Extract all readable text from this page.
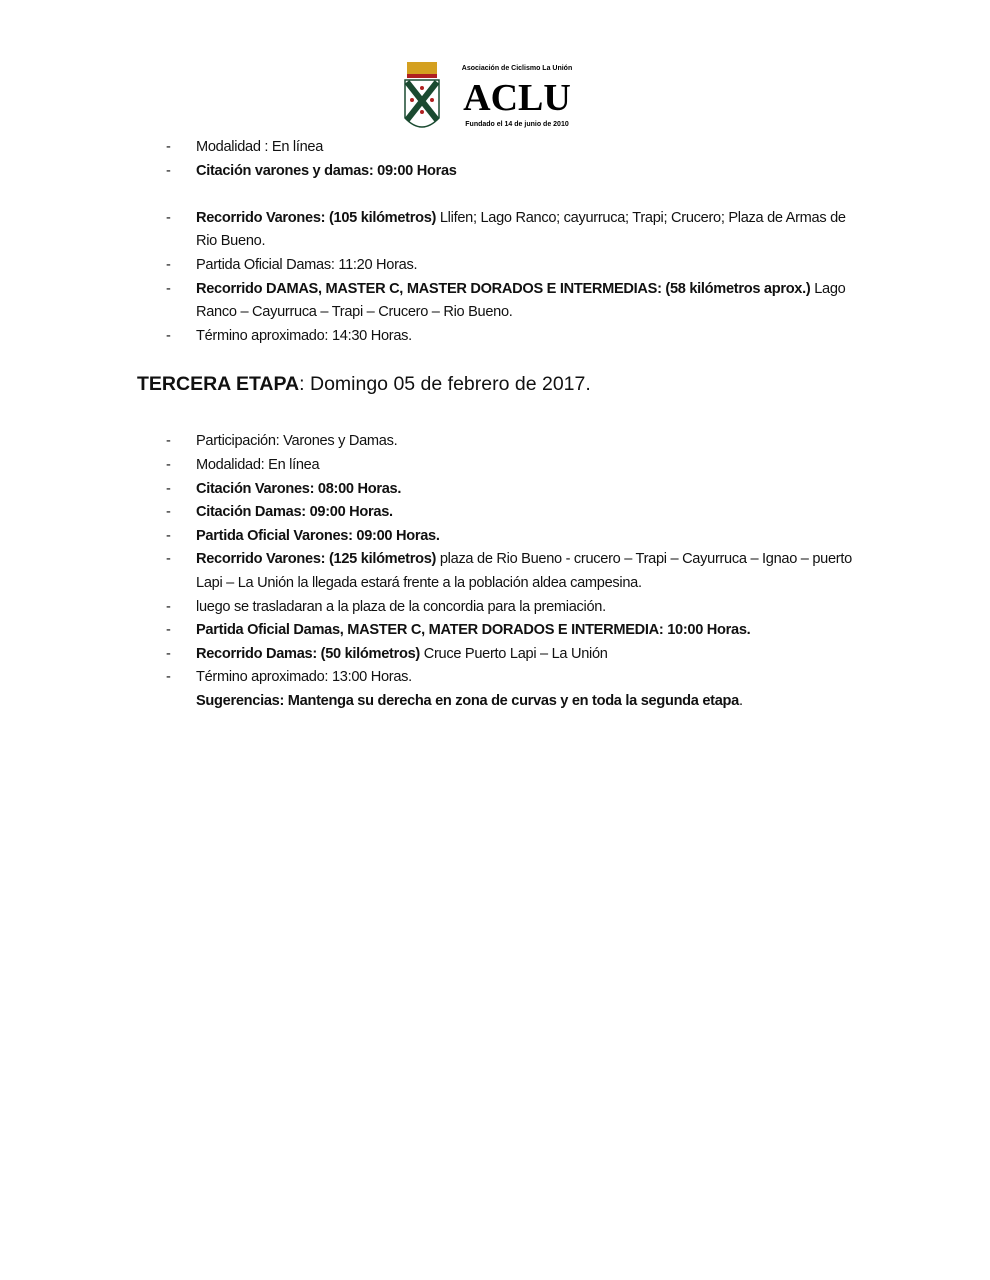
Asociación de Ciclismo La Unión
ACLU
Fundado el 14 de junio de 2010
- Modalidad : En línea
- Citación varones y damas: 09:00 Horas
- Recorrido Varones: (105 kilómetros) Llifen; Lago Ranco; cayurruca; Trapi; Crucero; Plaza de Armas de Rio Bueno.
- Partida Oficial Damas: 11:20 Horas.
- Recorrido DAMAS, MASTER C, MASTER DORADOS E INTERMEDIAS: (58 kilómetros aprox.) Lago Ranco – Cayurruca – Trapi – Crucero – Rio Bueno.
- Término aproximado: 14:30 Horas.
TERCERA ETAPA: Domingo 05 de febrero de 2017.
- Participación: Varones y Damas.
- Modalidad: En línea
- Citación Varones: 08:00 Horas.
- Citación Damas: 09:00 Horas.
- Partida Oficial Varones: 09:00 Horas.
- Recorrido Varones: (125 kilómetros) plaza de Rio Bueno - crucero – Trapi – Cayurruca – Ignao – puerto Lapi – La Unión la llegada estará frente a la población aldea campesina.
- luego se trasladaran a la plaza de la concordia para la premiación.
- Partida Oficial Damas, MASTER C, MATER DORADOS E INTERMEDIA: 10:00 Horas.
- Recorrido Damas: (50 kilómetros) Cruce Puerto Lapi – La Unión
- Término aproximado: 13:00 Horas.
Sugerencias: Mantenga su derecha en zona de curvas y en toda la segunda etapa.
